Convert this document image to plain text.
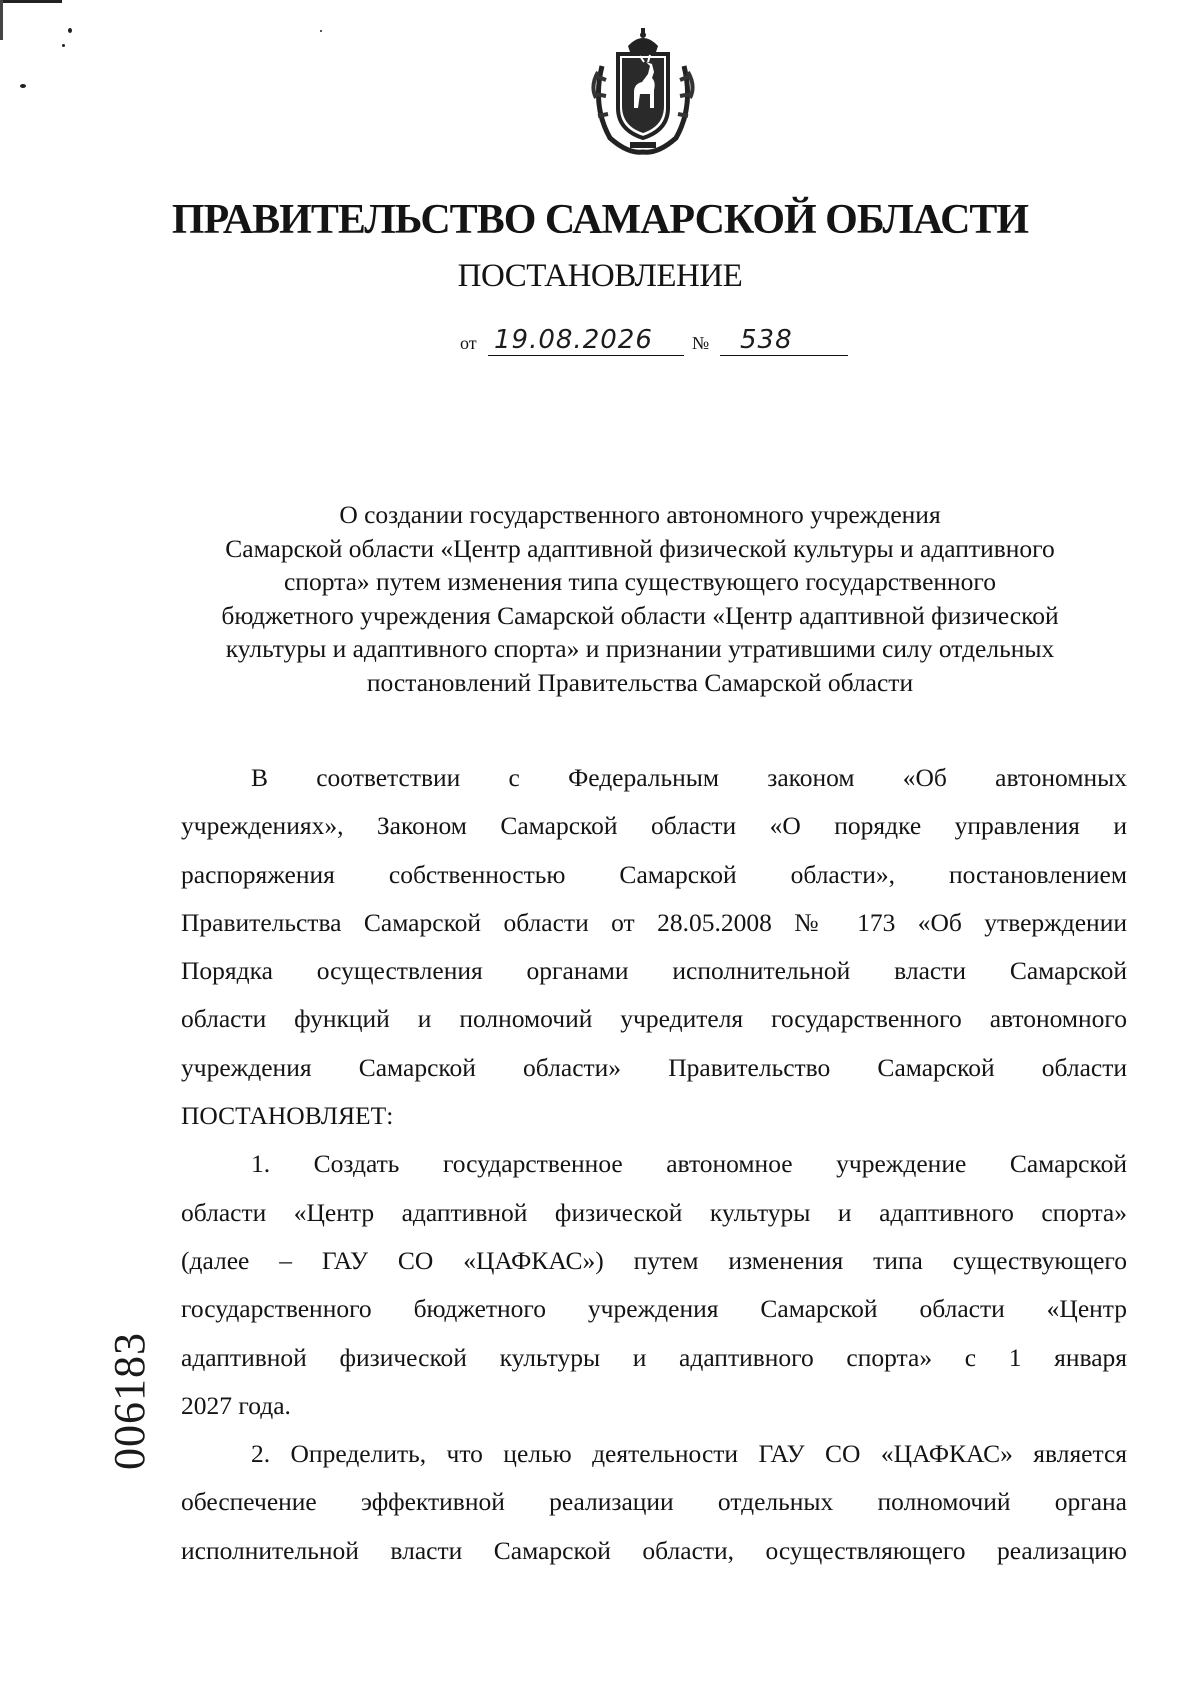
ПРАВИТЕЛЬСТВО САМАРСКОЙ ОБЛАСТИ
ПОСТАНОВЛЕНИЕ
от 19.08.2026 № 538
О создании государственного автономного учреждения
Самарской области «Центр адаптивной физической культуры и адаптивного
спорта» путем изменения типа существующего государственного
бюджетного учреждения Самарской области «Центр адаптивной физической
культуры и адаптивного спорта» и признании утратившими силу отдельных
постановлений Правительства Самарской области
В соответствии с Федеральным законом «Об автономных
учреждениях», Законом Самарской области «О порядке управления и
распоряжения собственностью Самарской области», постановлением
Правительства Самарской области от 28.05.2008 № 173 «Об утверждении
Порядка осуществления органами исполнительной власти Самарской
области функций и полномочий учредителя государственного автономного
учреждения Самарской области» Правительство Самарской области
ПОСТАНОВЛЯЕТ:
1. Создать государственное автономное учреждение Самарской
области «Центр адаптивной физической культуры и адаптивного спорта»
(далее – ГАУ СО «ЦАФКАС») путем изменения типа существующего
государственного бюджетного учреждения Самарской области «Центр
адаптивной физической культуры и адаптивного спорта» с 1 января
2027 года.
2. Определить, что целью деятельности ГАУ СО «ЦАФКАС» является
обеспечение эффективной реализации отдельных полномочий органа
исполнительной власти Самарской области, осуществляющего реализацию
006183
